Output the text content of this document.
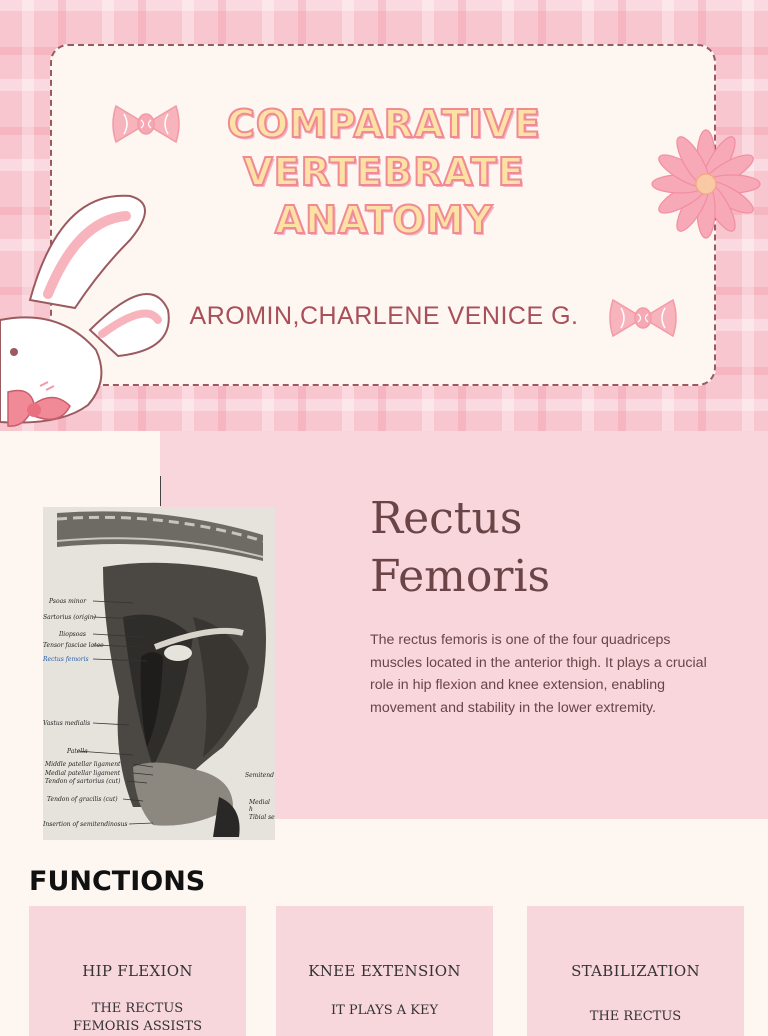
COMPARATIVE
VERTEBRATE
ANATOMY
AROMIN,CHARLENE VENICE G.
Psoas minor
Sartorius (origin)
Iliopsoas
Tensor fasciae latae
Rectus femoris
Vastus medialis
Patella
Middle patellar ligament
Medial patellar ligament
Tendon of sartorius (cut)
Tendon of gracilis (cut)
Insertion of semitendinosus
Semitend
Medial h
Tibial se
Rectus
Femoris

The rectus femoris is one of the four quadriceps muscles located in the anterior thigh. It plays a crucial role in hip flexion and knee extension, enabling movement and stability in the lower extremity.

FUNCTIONS
HIP FLEXION
THE RECTUS
FEMORIS ASSISTS
KNEE EXTENSION
IT PLAYS A KEY
STABILIZATION
THE RECTUS
